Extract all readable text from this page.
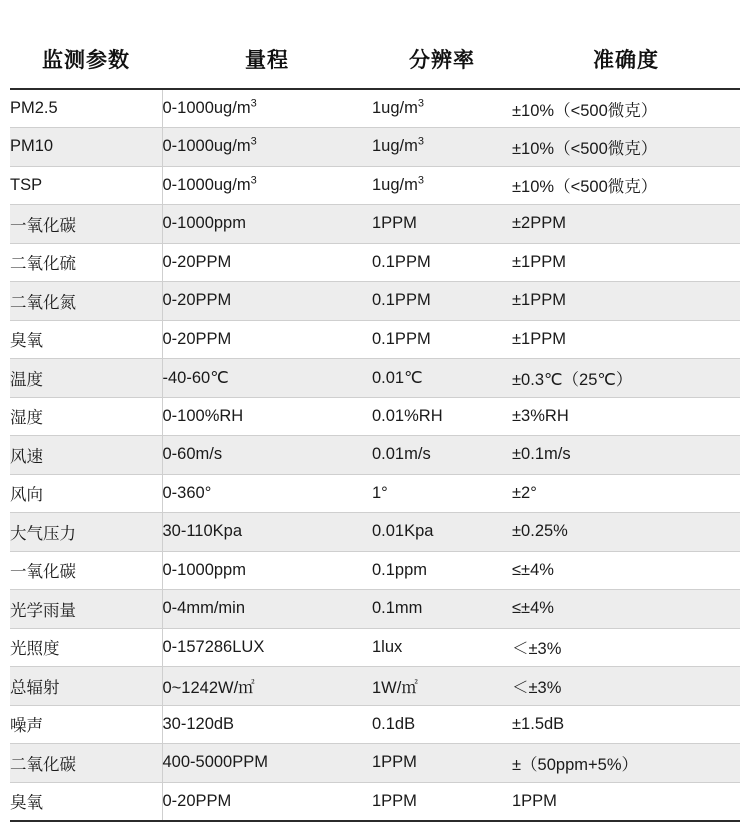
监测参数	量程	分辨率	准确度
PM2.5	$0-1000ug/m^3$	$1ug/m^3$	±10%（<500微克）
PM10	$0-1000ug/m^3$	$1ug/m^3$	±10%（<500微克）
TSP	$0-1000ug/m^3$	$1ug/m^3$	±10%（<500微克）
一氧化碳	0-1000ppm	1PPM	±2PPM
二氧化硫	0-20PPM	0.1PPM	±1PPM
二氧化氮	0-20PPM	0.1PPM	±1PPM
臭氧	0-20PPM	0.1PPM	±1PPM
温度	-40-60℃	0.01℃	±0.3℃（25℃）
湿度	0-100%RH	0.01%RH	±3%RH
风速	0-60m/s	0.01m/s	±0.1m/s
风向	0-360°	1°	±2°
大气压力	30-110Kpa	0.01Kpa	±0.25%
一氧化碳	0-1000ppm	0.1ppm	≤±4%
光学雨量	0-4mm/min	0.1mm	≤±4%
光照度	0-157286LUX	1lux	＜±3%
总辐射	0~1242W/㎡	1W/㎡	＜±3%
噪声	30-120dB	0.1dB	±1.5dB
二氧化碳	400-5000PPM	1PPM	±（50ppm+5%）
臭氧	0-20PPM	1PPM	1PPM
